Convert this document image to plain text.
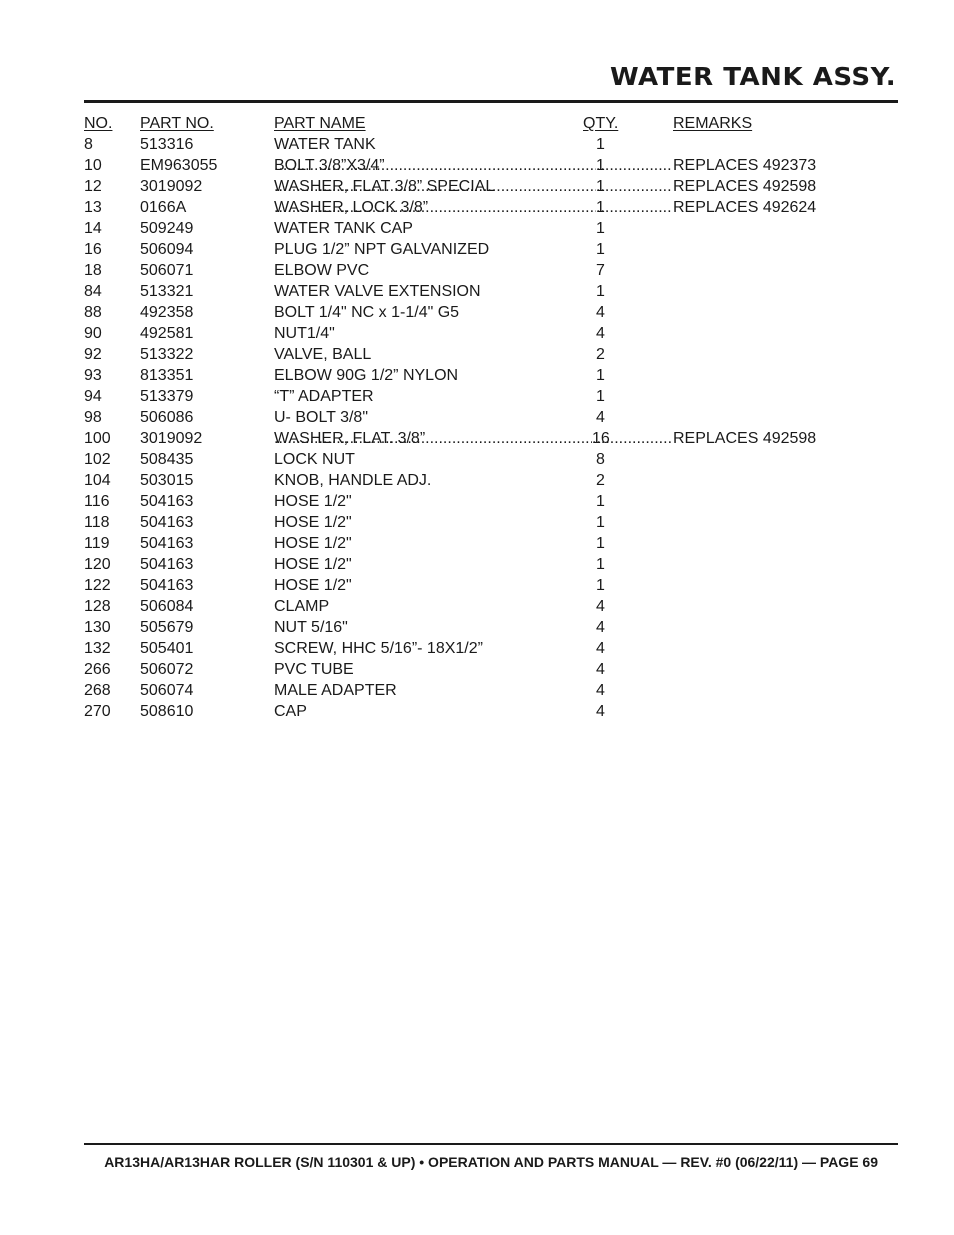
WATER TANK ASSY.
NO. PART NO.	PART NAME	QTY.	REMARKS
8	513316	WATER TANK	1
10 EM963055	BOLT 3/8”X3/4” .....	1 .....	REPLACES 492373
12 3019092	WASHER, FLAT 3/8” SPECIAL .....	1 .....	REPLACES 492598
13 0166A	WASHER, LOCK 3/8” .....	1 .....	REPLACES 492624
14 509249	WATER TANK CAP	1
16 506094	PLUG 1/2” NPT GALVANIZED	1
18 506071	ELBOW PVC	7
84 513321	WATER VALVE EXTENSION	1
88 492358	BOLT 1/4" NC x 1-1/4" G5	4
90 492581	NUT1/4"	4
92 513322	VALVE, BALL	2
93 813351	ELBOW 90G 1/2” NYLON	1
94 513379	“T” ADAPTER	1
98 506086	U- BOLT 3/8"	4
100 3019092	WASHER, FLAT. 3/8” .....	16 .....	REPLACES 492598
102 508435	LOCK NUT	8
104 503015	KNOB, HANDLE ADJ.	2
116 504163	HOSE 1/2"	1
118 504163	HOSE 1/2"	1
119 504163	HOSE 1/2"	1
120 504163	HOSE 1/2"	1
122 504163	HOSE 1/2"	1
128 506084	CLAMP	4
130 505679	NUT 5/16"	4
132 505401	SCREW, HHC 5/16”- 18X1/2”	4
266 506072	PVC TUBE	4
268 506074	MALE ADAPTER	4
270 508610	CAP	4
AR13HA/AR13HAR ROLLER (S/N 110301 & UP) • OPERATION AND PARTS MANUAL — REV. #0 (06/22/11) — PAGE 69
